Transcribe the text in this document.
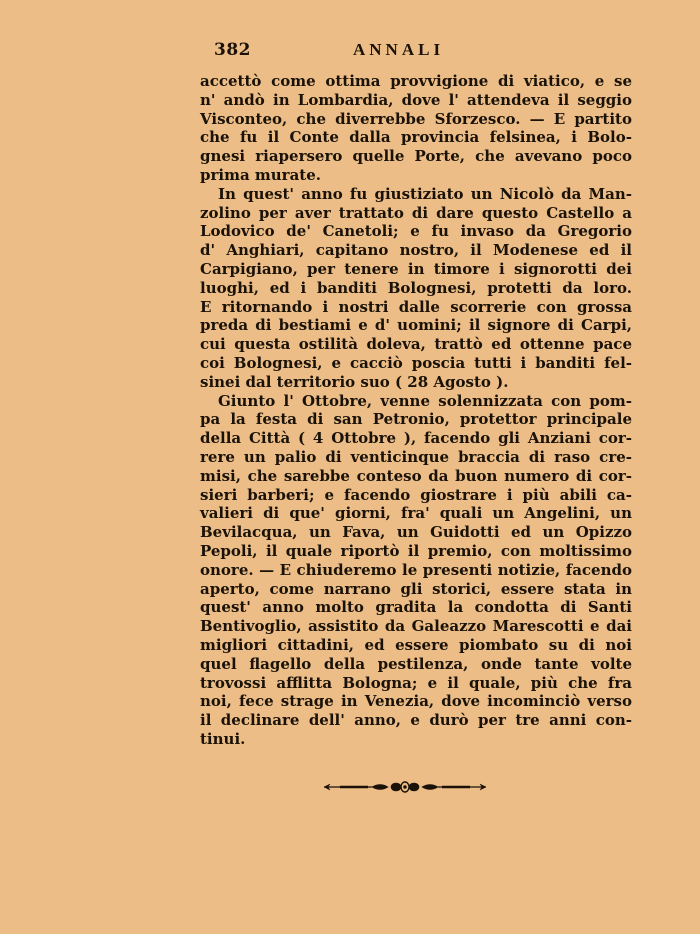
382	ANNALI
accettò come ottima provvigione di viatico, e se
n' andò in Lombardia, dove l' attendeva il seggio
Visconteo, che diverrebbe Sforzesco. — E partito
che fu il Conte dalla provincia felsinea, i Bolo-
gnesi riapersero quelle Porte, che avevano poco
prima murate.
In quest' anno fu giustiziato un Nicolò da Man-
zolino per aver trattato di dare questo Castello a
Lodovico de' Canetoli; e fu invaso da Gregorio
d' Anghiari, capitano nostro, il Modenese ed il
Carpigiano, per tenere in timore i signorotti dei
luoghi, ed i banditi Bolognesi, protetti da loro.
E ritornando i nostri dalle scorrerie con grossa
preda di bestiami e d' uomini; il signore di Carpi,
cui questa ostilità doleva, trattò ed ottenne pace
coi Bolognesi, e cacciò poscia tutti i banditi fel-
sinei dal territorio suo ( 28 Agosto ).
Giunto l' Ottobre, venne solennizzata con pom-
pa la festa di san Petronio, protettor principale
della Città ( 4 Ottobre ), facendo gli Anziani cor-
rere un palio di venticinque braccia di raso cre-
misi, che sarebbe conteso da buon numero di cor-
sieri barberi; e facendo giostrare i più abili ca-
valieri di que' giorni, fra' quali un Angelini, un
Bevilacqua, un Fava, un Guidotti ed un Opizzo
Pepoli, il quale riportò il premio, con moltissimo
onore. — E chiuderemo le presenti notizie, facendo
aperto, come narrano gli storici, essere stata in
quest' anno molto gradita la condotta di Santi
Bentivoglio, assistito da Galeazzo Marescotti e dai
migliori cittadini, ed essere piombato su di noi
quel flagello della pestilenza, onde tante volte
trovossi afflitta Bologna; e il quale, più che fra
noi, fece strage in Venezia, dove incominciò verso
il declinare dell' anno, e durò per tre anni con-
tinui.
